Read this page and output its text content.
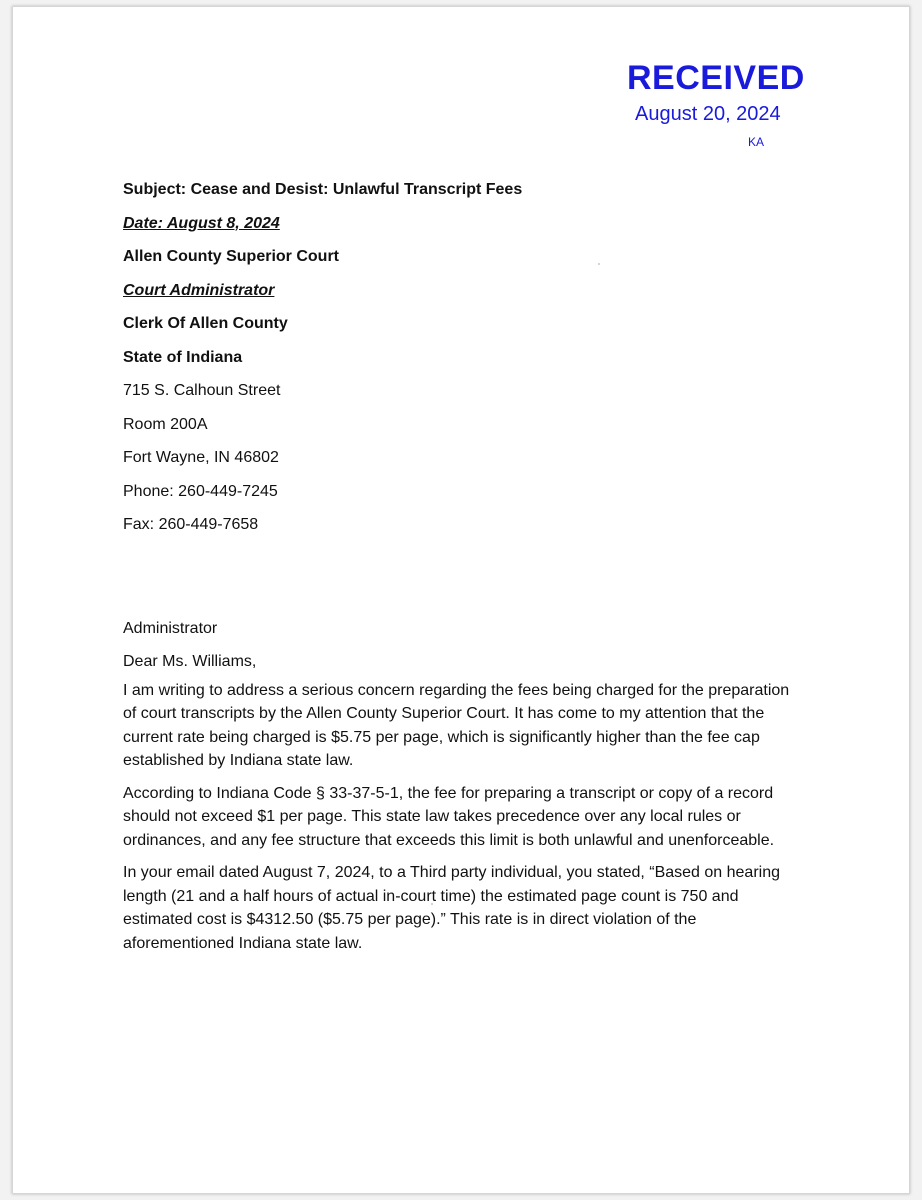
RECEIVED
August 20, 2024
KA
Subject: Cease and Desist: Unlawful Transcript Fees
Date: August 8, 2024
Allen County Superior Court
Court Administrator
Clerk Of Allen County
State of Indiana
715 S. Calhoun Street
Room 200A
Fort Wayne, IN 46802
Phone: 260-449-7245
Fax: 260-449-7658
Administrator
Dear Ms. Williams,

I am writing to address a serious concern regarding the fees being charged for the preparation of court transcripts by the Allen County Superior Court. It has come to my attention that the current rate being charged is $5.75 per page, which is significantly higher than the fee cap established by Indiana state law.

According to Indiana Code § 33-37-5-1, the fee for preparing a transcript or copy of a record should not exceed $1 per page. This state law takes precedence over any local rules or ordinances, and any fee structure that exceeds this limit is both unlawful and unenforceable.

In your email dated August 7, 2024, to a Third party individual, you stated, “Based on hearing length (21 and a half hours of actual in-court time) the estimated page count is 750 and estimated cost is $4312.50 ($5.75 per page).” This rate is in direct violation of the aforementioned Indiana state law.
